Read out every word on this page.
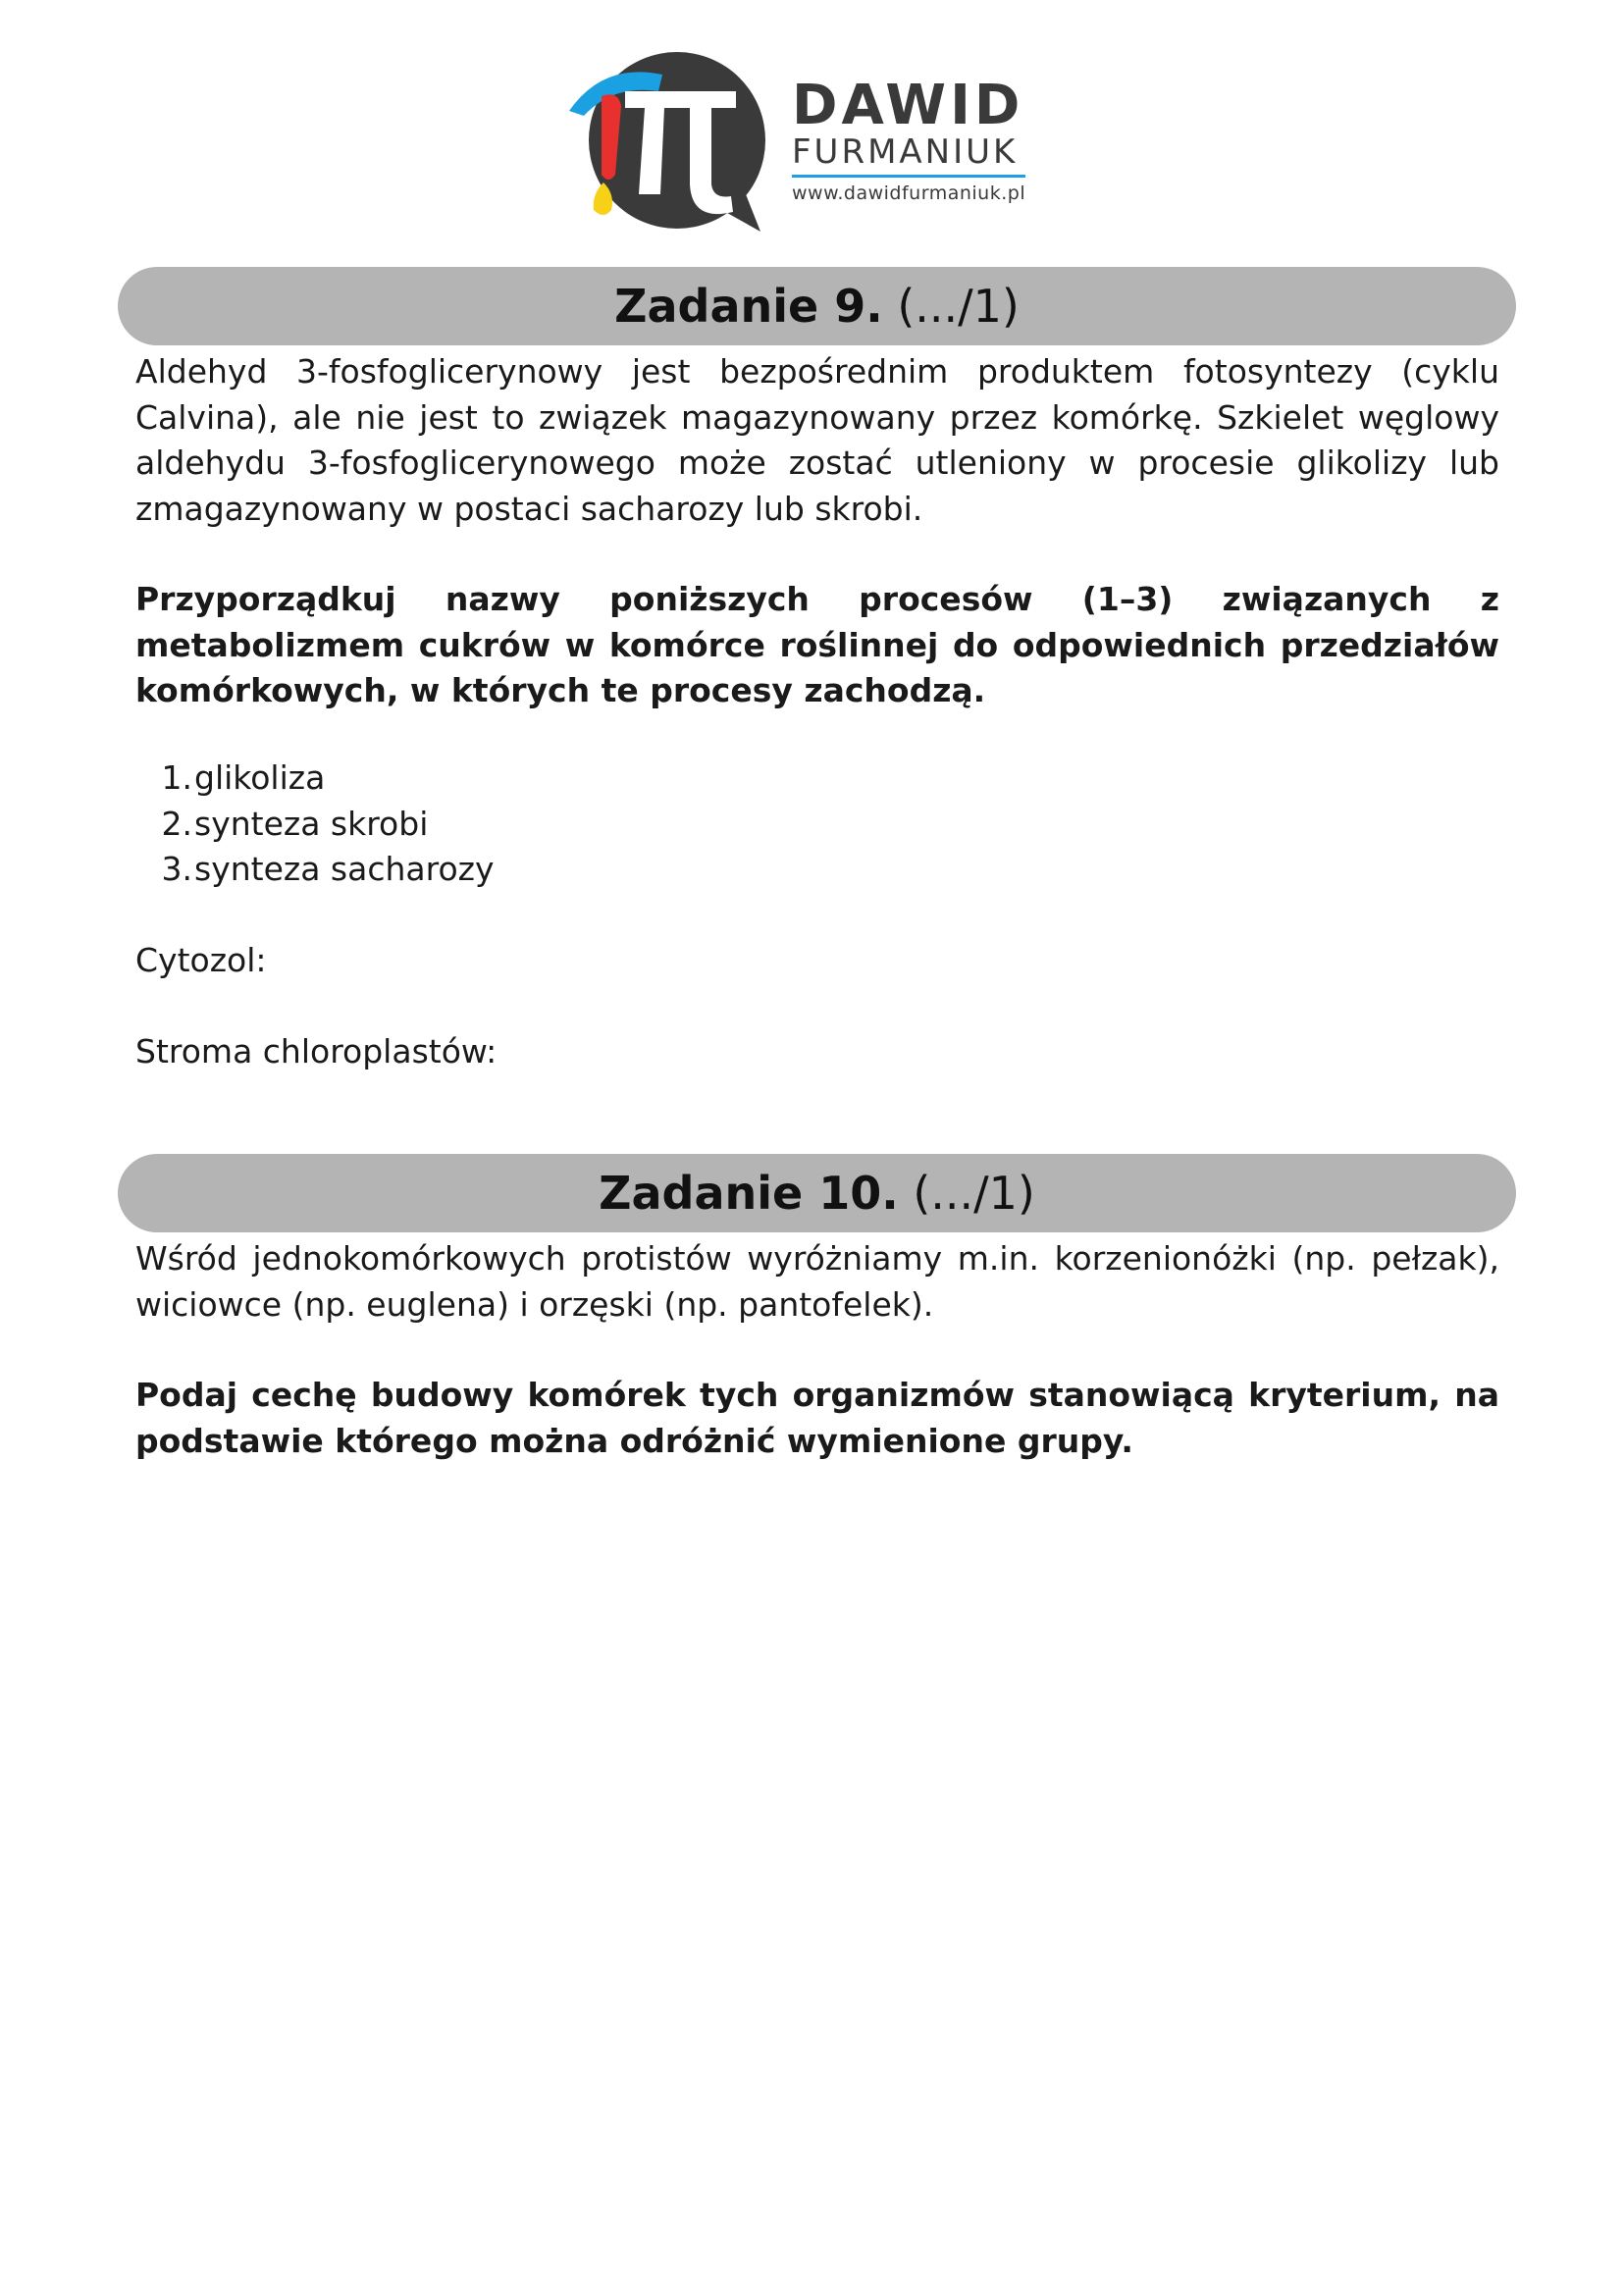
DAWID
FURMANIUK
www.dawidfurmaniuk.pl
Zadanie 9. (.../1)
Aldehyd 3-fosfoglicerynowy jest bezpośrednim produktem fotosyntezy (cyklu Calvina), ale nie jest to związek magazynowany przez komórkę. Szkielet węglowy aldehydu 3-fosfoglicerynowego może zostać utleniony w procesie glikolizy lub zmagazynowany w postaci sacharozy lub skrobi.
Przyporządkuj nazwy poniższych procesów (1–3) związanych z metabolizmem cukrów w komórce roślinnej do odpowiednich przedziałów komórkowych, w których te procesy zachodzą.
1. glikoliza
2. synteza skrobi
3. synteza sacharozy
Cytozol:
Stroma chloroplastów:
Zadanie 10. (.../1)
Wśród jednokomórkowych protistów wyróżniamy m.in. korzenionóżki (np. pełzak), wiciowce (np. euglena) i orzęski (np. pantofelek).
Podaj cechę budowy komórek tych organizmów stanowiącą kryterium, na podstawie którego można odróżnić wymienione grupy.
